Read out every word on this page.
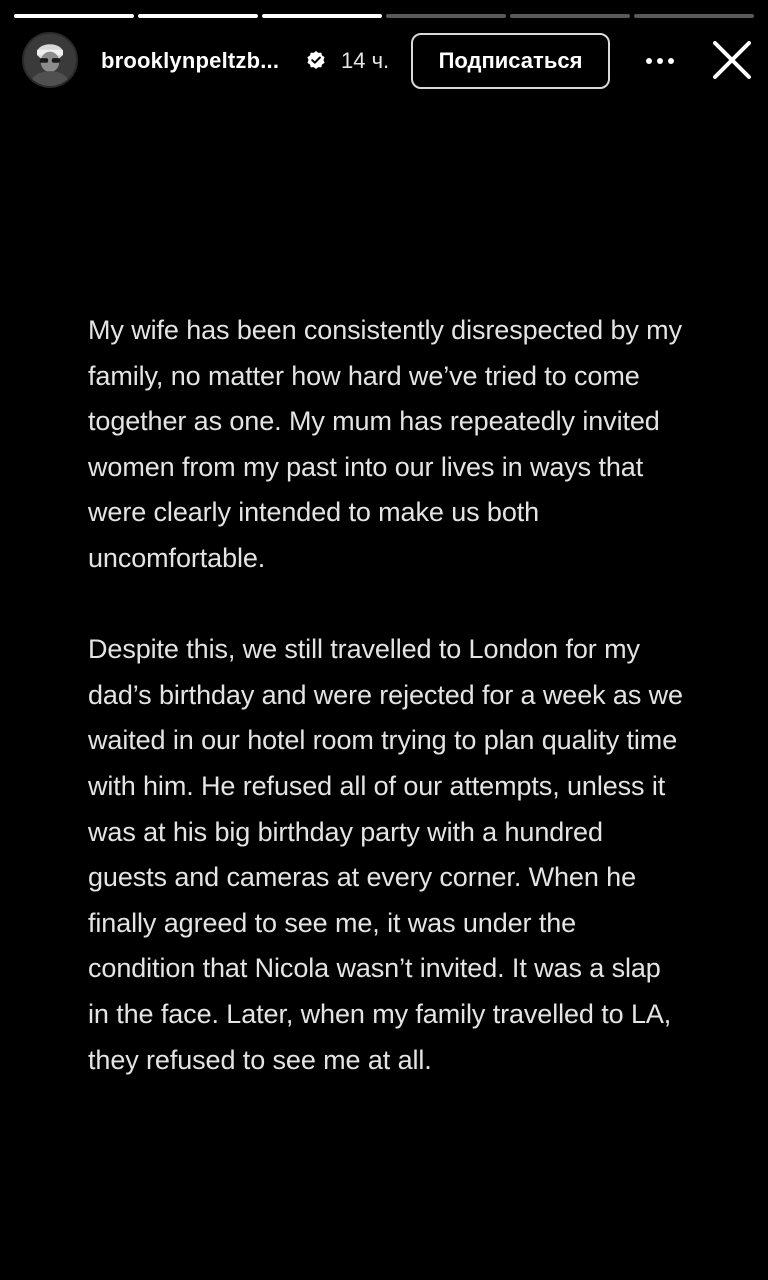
brooklynpeltzb...	14 ч.	Подписаться

My wife has been consistently disrespected by my family, no matter how hard we’ve tried to come together as one. My mum has repeatedly invited women from my past into our lives in ways that were clearly intended to make us both uncomfortable.

Despite this, we still travelled to London for my dad’s birthday and were rejected for a week as we waited in our hotel room trying to plan quality time with him. He refused all of our attempts, unless it was at his big birthday party with a hundred guests and cameras at every corner. When he finally agreed to see me, it was under the condition that Nicola wasn’t invited. It was a slap in the face. Later, when my family travelled to LA, they refused to see me at all.
